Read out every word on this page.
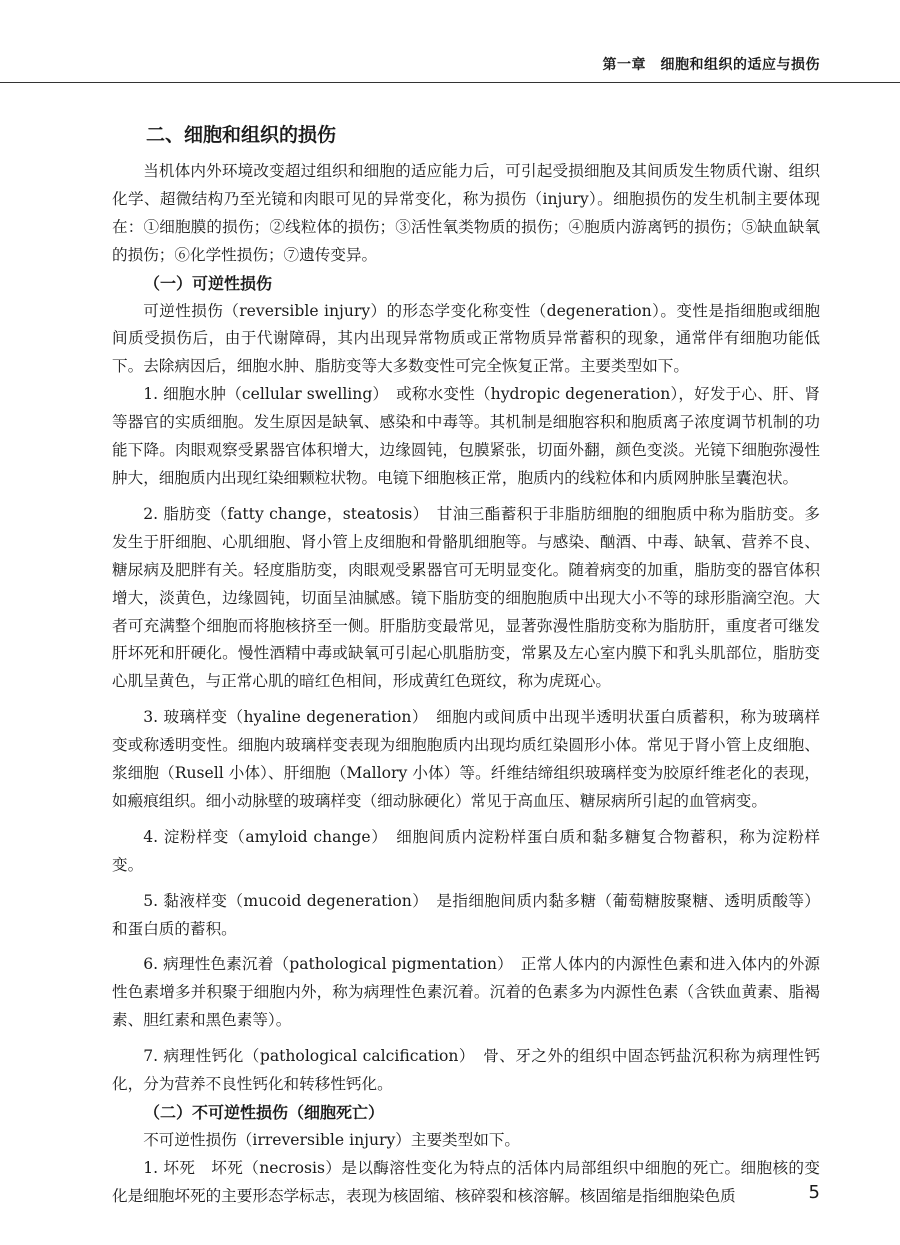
第一章　细胞和组织的适应与损伤
二、细胞和组织的损伤

当机体内外环境改变超过组织和细胞的适应能力后，可引起受损细胞及其间质发生物质代谢、组织化学、超微结构乃至光镜和肉眼可见的异常变化，称为损伤（injury）。细胞损伤的发生机制主要体现在：①细胞膜的损伤；②线粒体的损伤；③活性氧类物质的损伤；④胞质内游离钙的损伤；⑤缺血缺氧的损伤；⑥化学性损伤；⑦遗传变异。

（一）可逆性损伤

可逆性损伤（reversible injury）的形态学变化称变性（degeneration）。变性是指细胞或细胞间质受损伤后，由于代谢障碍，其内出现异常物质或正常物质异常蓄积的现象，通常伴有细胞功能低下。去除病因后，细胞水肿、脂肪变等大多数变性可完全恢复正常。主要类型如下。

1. 细胞水肿（cellular swelling）　或称水变性（hydropic degeneration），好发于心、肝、肾等器官的实质细胞。发生原因是缺氧、感染和中毒等。其机制是细胞容积和胞质离子浓度调节机制的功能下降。肉眼观察受累器官体积增大，边缘圆钝，包膜紧张，切面外翻，颜色变淡。光镜下细胞弥漫性肿大，细胞质内出现红染细颗粒状物。电镜下细胞核正常，胞质内的线粒体和内质网肿胀呈囊泡状。

2. 脂肪变（fatty change，steatosis）　甘油三酯蓄积于非脂肪细胞的细胞质中称为脂肪变。多发生于肝细胞、心肌细胞、肾小管上皮细胞和骨骼肌细胞等。与感染、酗酒、中毒、缺氧、营养不良、糖尿病及肥胖有关。轻度脂肪变，肉眼观受累器官可无明显变化。随着病变的加重，脂肪变的器官体积增大，淡黄色，边缘圆钝，切面呈油腻感。镜下脂肪变的细胞胞质中出现大小不等的球形脂滴空泡。大者可充满整个细胞而将胞核挤至一侧。肝脂肪变最常见，显著弥漫性脂肪变称为脂肪肝，重度者可继发肝坏死和肝硬化。慢性酒精中毒或缺氧可引起心肌脂肪变，常累及左心室内膜下和乳头肌部位，脂肪变心肌呈黄色，与正常心肌的暗红色相间，形成黄红色斑纹，称为虎斑心。

3. 玻璃样变（hyaline degeneration）　细胞内或间质中出现半透明状蛋白质蓄积，称为玻璃样变或称透明变性。细胞内玻璃样变表现为细胞胞质内出现均质红染圆形小体。常见于肾小管上皮细胞、浆细胞（Rusell 小体）、肝细胞（Mallory 小体）等。纤维结缔组织玻璃样变为胶原纤维老化的表现，如瘢痕组织。细小动脉壁的玻璃样变（细动脉硬化）常见于高血压、糖尿病所引起的血管病变。

4. 淀粉样变（amyloid change）　细胞间质内淀粉样蛋白质和黏多糖复合物蓄积，称为淀粉样变。

5. 黏液样变（mucoid degeneration）　是指细胞间质内黏多糖（葡萄糖胺聚糖、透明质酸等）和蛋白质的蓄积。

6. 病理性色素沉着（pathological pigmentation）　正常人体内的内源性色素和进入体内的外源性色素增多并积聚于细胞内外，称为病理性色素沉着。沉着的色素多为内源性色素（含铁血黄素、脂褐素、胆红素和黑色素等）。

7. 病理性钙化（pathological calcification）　骨、牙之外的组织中固态钙盐沉积称为病理性钙化，分为营养不良性钙化和转移性钙化。

（二）不可逆性损伤（细胞死亡）

不可逆性损伤（irreversible injury）主要类型如下。

1. 坏死　坏死（necrosis）是以酶溶性变化为特点的活体内局部组织中细胞的死亡。细胞核的变化是细胞坏死的主要形态学标志，表现为核固缩、核碎裂和核溶解。核固缩是指细胞染色质	5
